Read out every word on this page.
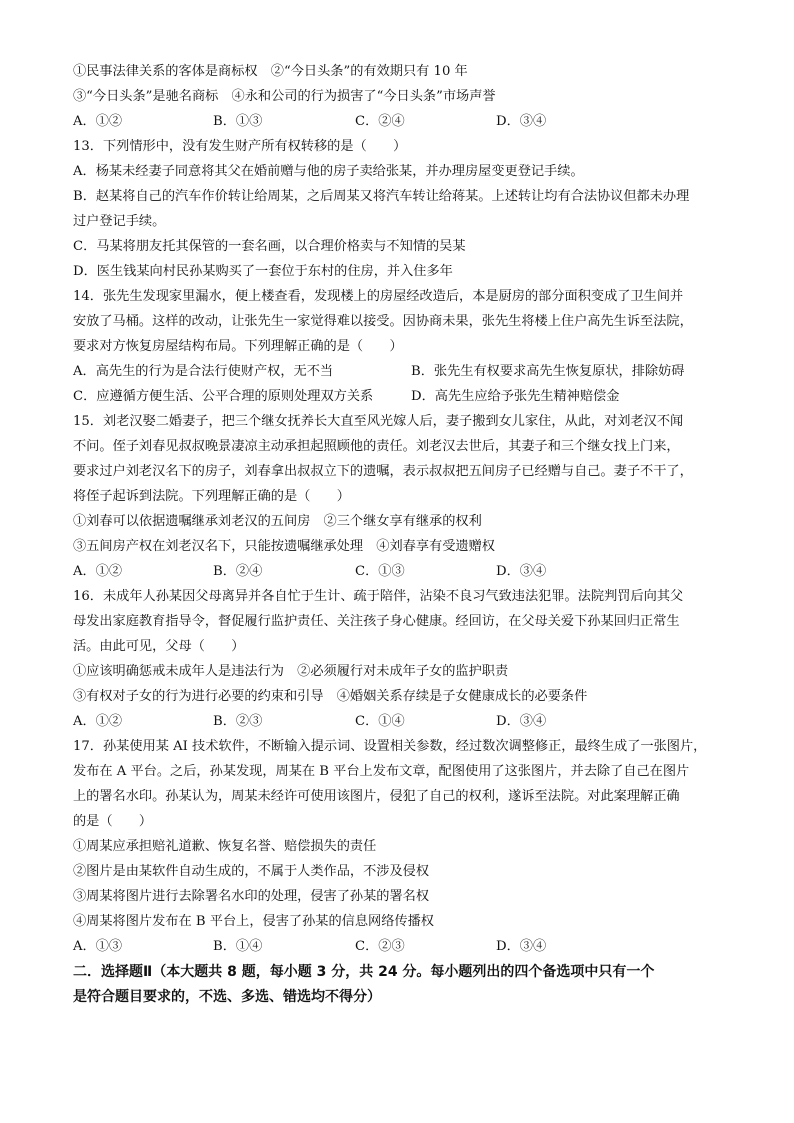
①民事法律关系的客体是商标权　②“今日头条”的有效期只有 10 年
③“今日头条”是驰名商标　④永和公司的行为损害了“今日头条”市场声誉
A．①②	B．①③	C．②④	D．③④
13．下列情形中，没有发生财产所有权转移的是（　　）
A．杨某未经妻子同意将其父在婚前赠与他的房子卖给张某，并办理房屋变更登记手续。
B．赵某将自己的汽车作价转让给周某，之后周某又将汽车转让给蒋某。上述转让均有合法协议但都未办理
过户登记手续。
C．马某将朋友托其保管的一套名画，以合理价格卖与不知情的吴某
D．医生钱某向村民孙某购买了一套位于东村的住房，并入住多年
14．张先生发现家里漏水，便上楼查看，发现楼上的房屋经改造后，本是厨房的部分面积变成了卫生间并
安放了马桶。这样的改动，让张先生一家觉得难以接受。因协商未果，张先生将楼上住户高先生诉至法院，
要求对方恢复房屋结构布局。下列理解正确的是（　　）
A．高先生的行为是合法行使财产权，无不当	B．张先生有权要求高先生恢复原状，排除妨碍
C．应遵循方便生活、公平合理的原则处理双方关系	D．高先生应给予张先生精神赔偿金
15．刘老汉娶二婚妻子，把三个继女抚养长大直至风光嫁人后，妻子搬到女儿家住，从此，对刘老汉不闻
不问。侄子刘春见叔叔晚景凄凉主动承担起照顾他的责任。刘老汉去世后，其妻子和三个继女找上门来，
要求过户刘老汉名下的房子，刘春拿出叔叔立下的遗嘱，表示叔叔把五间房子已经赠与自己。妻子不干了，
将侄子起诉到法院。下列理解正确的是（　　）
①刘春可以依据遗嘱继承刘老汉的五间房　②三个继女享有继承的权利
③五间房产权在刘老汉名下，只能按遗嘱继承处理　④刘春享有受遗赠权
A．①②	B．②④	C．①③	D．③④
16．未成年人孙某因父母离异并各自忙于生计、疏于陪伴，沾染不良习气致违法犯罪。法院判罚后向其父
母发出家庭教育指导令，督促履行监护责任、关注孩子身心健康。经回访，在父母关爱下孙某回归正常生
活。由此可见，父母（　　）
①应该明确惩戒未成年人是违法行为　②必须履行对未成年子女的监护职责
③有权对子女的行为进行必要的约束和引导　④婚姻关系存续是子女健康成长的必要条件
A．①②	B．②③	C．①④	D．③④
17．孙某使用某 AI 技术软件，不断输入提示词、设置相关参数，经过数次调整修正，最终生成了一张图片，
发布在 A 平台。之后，孙某发现，周某在 B 平台上发布文章，配图使用了这张图片，并去除了自己在图片
上的署名水印。孙某认为，周某未经许可使用该图片，侵犯了自己的权利，遂诉至法院。对此案理解正确
的是（　　）
①周某应承担赔礼道歉、恢复名誉、赔偿损失的责任
②图片是由某软件自动生成的，不属于人类作品，不涉及侵权
③周某将图片进行去除署名水印的处理，侵害了孙某的署名权
④周某将图片发布在 B 平台上，侵害了孙某的信息网络传播权
A．①③	B．①④	C．②③	D．③④
二．选择题Ⅱ（本大题共 8 题，每小题 3 分，共 24 分。每小题列出的四个备选项中只有一个
是符合题目要求的，不选、多选、错选均不得分）
